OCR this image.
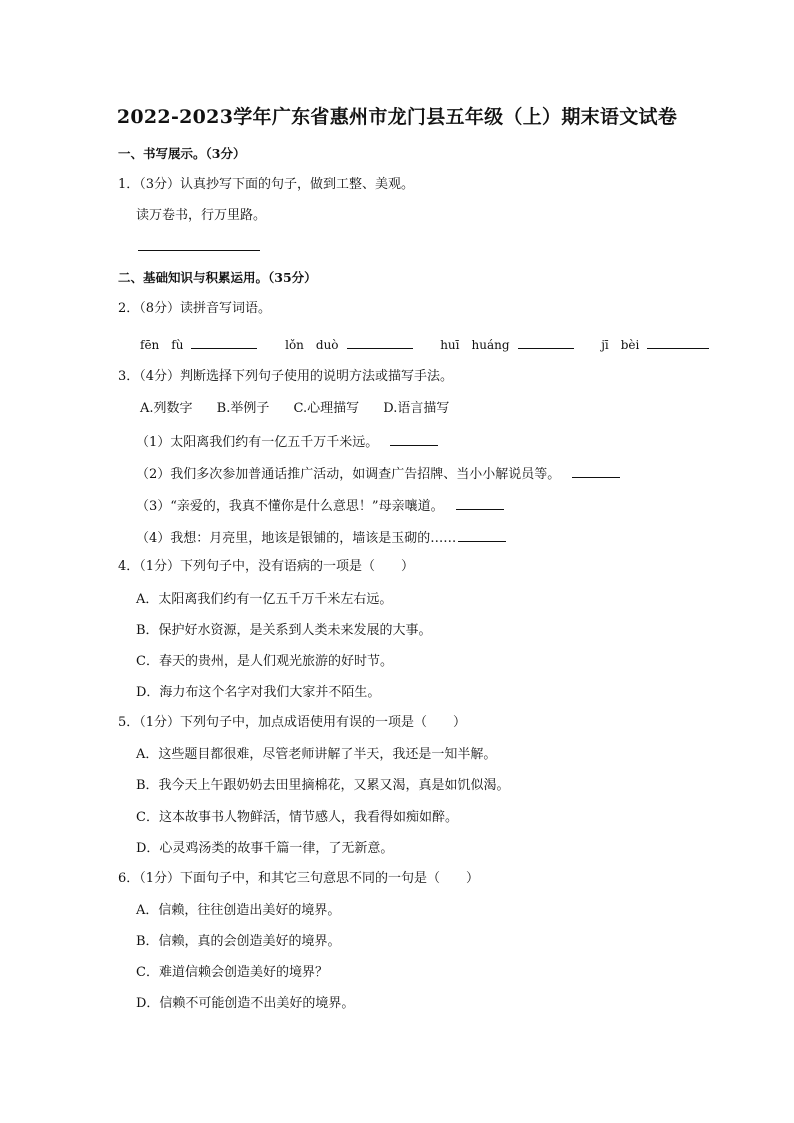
2022-2023学年广东省惠州市龙门县五年级（上）期末语文试卷
一、书写展示。（3分）
1．（3分）认真抄写下面的句子，做到工整、美观。
读万卷书，行万里路。
二、基础知识与积累运用。（35分）
2．（8分）读拼音写词语。
fēn　fù	lǒn　duò	huī　huáng	jī　bèi
3．（4分）判断选择下列句子使用的说明方法或描写手法。
A.列数字 B.举例子 C.心理描写 D.语言描写
（1）太阳离我们约有一亿五千万千米远。
（2）我们多次参加普通话推广活动，如调查广告招牌、当小小解说员等。
（3）“亲爱的，我真不懂你是什么意思！”母亲嚷道。
（4）我想：月亮里，地该是银铺的，墙该是玉砌的……
4．（1分）下列句子中，没有语病的一项是（　　）
A．太阳离我们约有一亿五千万千米左右远。
B．保护好水资源，是关系到人类未来发展的大事。
C．春天的贵州，是人们观光旅游的好时节。
D．海力布这个名字对我们大家并不陌生。
5．（1分）下列句子中，加点成语使用有误的一项是（　　）
A．这些题目都很难，尽管老师讲解了半天，我还是一知半解。
B．我今天上午跟奶奶去田里摘棉花，又累又渴，真是如饥似渴。
C．这本故事书人物鲜活，情节感人，我看得如痴如醉。
D．心灵鸡汤类的故事千篇一律，了无新意。
6．（1分）下面句子中，和其它三句意思不同的一句是（　　）
A．信赖，往往创造出美好的境界。
B．信赖，真的会创造美好的境界。
C．难道信赖会创造美好的境界？
D．信赖不可能创造不出美好的境界。
